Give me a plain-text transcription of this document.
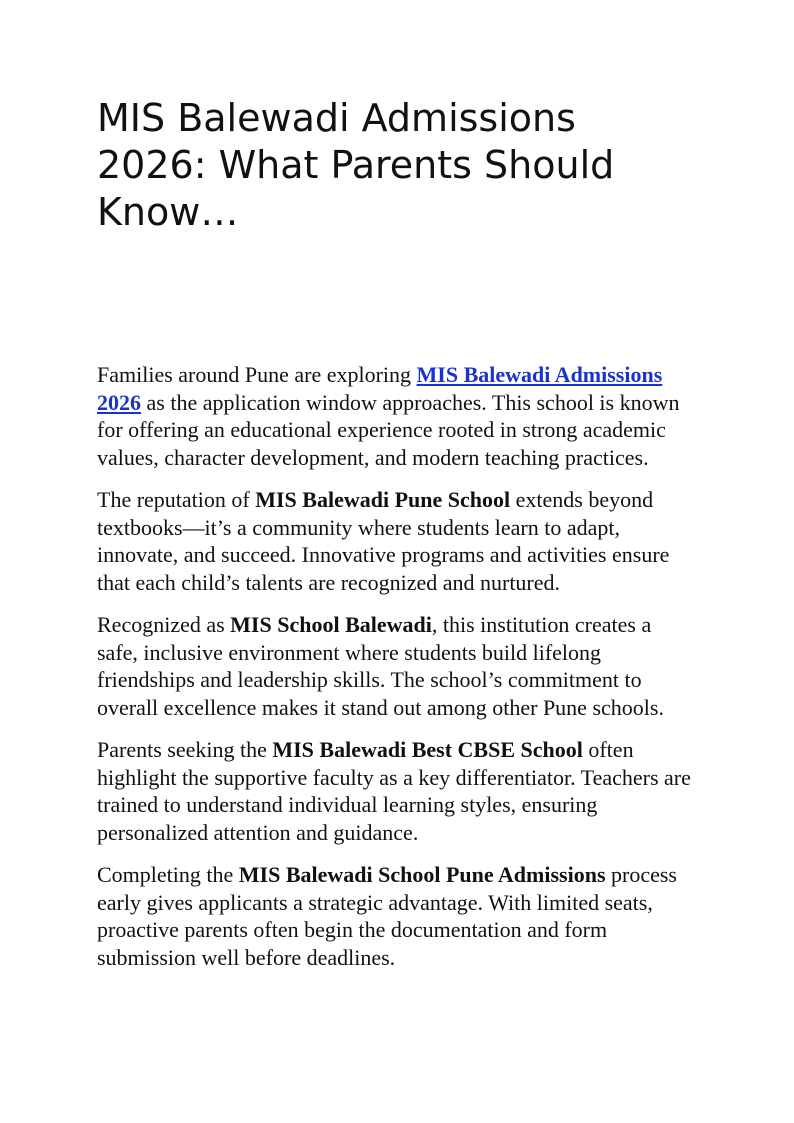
MIS Balewadi Admissions 2026: What Parents Should Know…

Families around Pune are exploring MIS Balewadi Admissions 2026 as the application window approaches. This school is known for offering an educational experience rooted in strong academic values, character development, and modern teaching practices.

The reputation of MIS Balewadi Pune School extends beyond textbooks—it’s a community where students learn to adapt, innovate, and succeed. Innovative programs and activities ensure that each child’s talents are recognized and nurtured.

Recognized as MIS School Balewadi, this institution creates a safe, inclusive environment where students build lifelong friendships and leadership skills. The school’s commitment to overall excellence makes it stand out among other Pune schools.

Parents seeking the MIS Balewadi Best CBSE School often highlight the supportive faculty as a key differentiator. Teachers are trained to understand individual learning styles, ensuring personalized attention and guidance.

Completing the MIS Balewadi School Pune Admissions process early gives applicants a strategic advantage. With limited seats, proactive parents often begin the documentation and form submission well before deadlines.
